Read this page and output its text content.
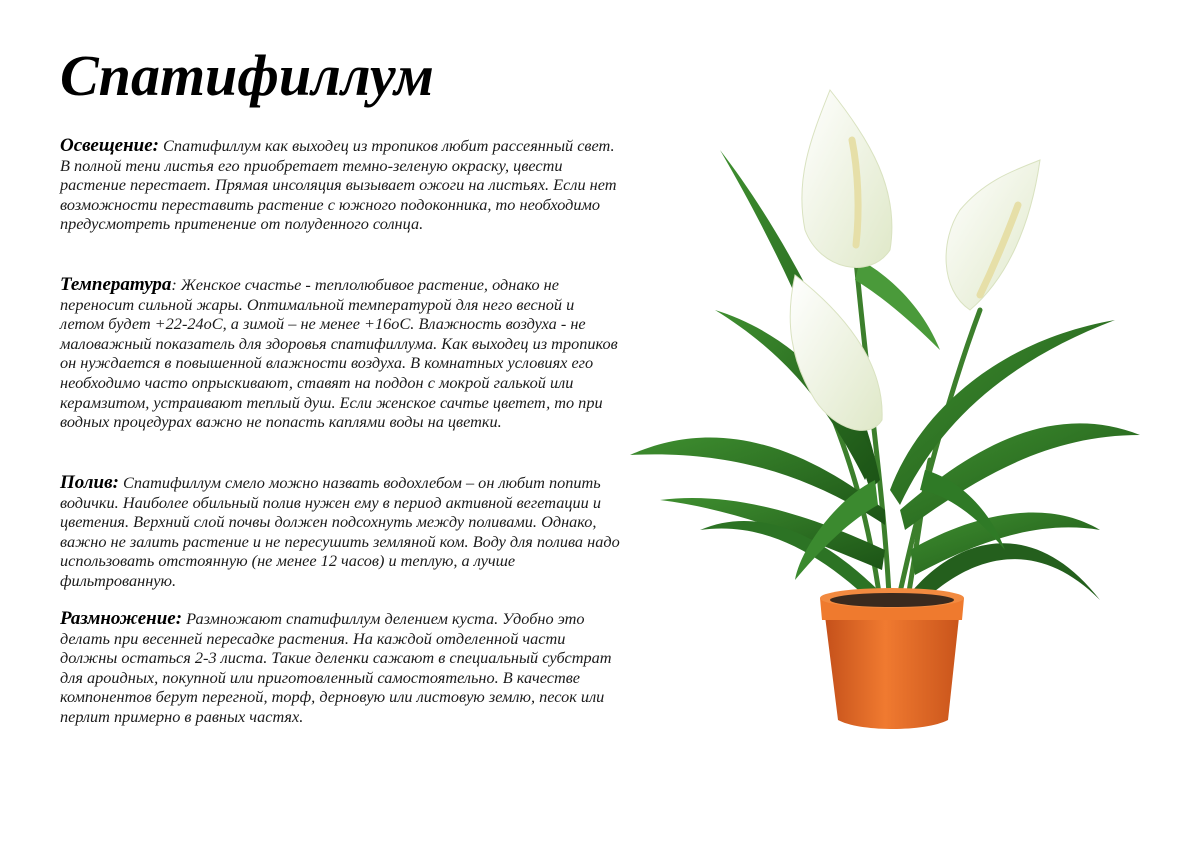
Спатифиллум

Освещение: Спатифиллум как выходец из тропиков любит рассеянный свет. В полной тени листья его приобретает темно-зеленую окраску, цвести растение перестает. Прямая инсоляция вызывает ожоги на листьях. Если нет возможности переставить растение с южного подоконника, то необходимо предусмотреть притенение от полуденного солнца.

Температура: Женское счастье - теплолюбивое растение, однако не переносит сильной жары. Оптимальной температурой для него весной и летом будет +22-24оС, а зимой – не менее +16оС. Влажность воздуха - не маловажный показатель для здоровья спатифиллума. Как выходец из тропиков он нуждается в повышенной влажности воздуха. В комнатных условиях его необходимо часто опрыскивают, ставят на поддон с мокрой галькой или керамзитом, устраивают теплый душ. Если женское сачтье цветет, то при водных процедурах важно не попасть каплями воды на цветки.

Полив: Спатифиллум смело можно назвать водохлебом – он любит попить водички. Наиболее обильный полив нужен ему в период активной вегетации и цветения. Верхний слой почвы должен подсохнуть между поливами. Однако, важно не залить растение и не пересушить земляной ком. Воду для полива надо использовать отстоянную (не менее 12 часов) и теплую, а лучше фильтрованную.

Размножение: Размножают спатифиллум делением куста. Удобно это делать при весенней пересадке растения. На каждой отделенной части должны остаться 2-3 листа. Такие деленки сажают в специальный субстрат для ароидных, покупной или приготовленный самостоятельно. В качестве компонентов берут перегной, торф, дерновую или листовую землю, песок или перлит примерно в равных частях.
